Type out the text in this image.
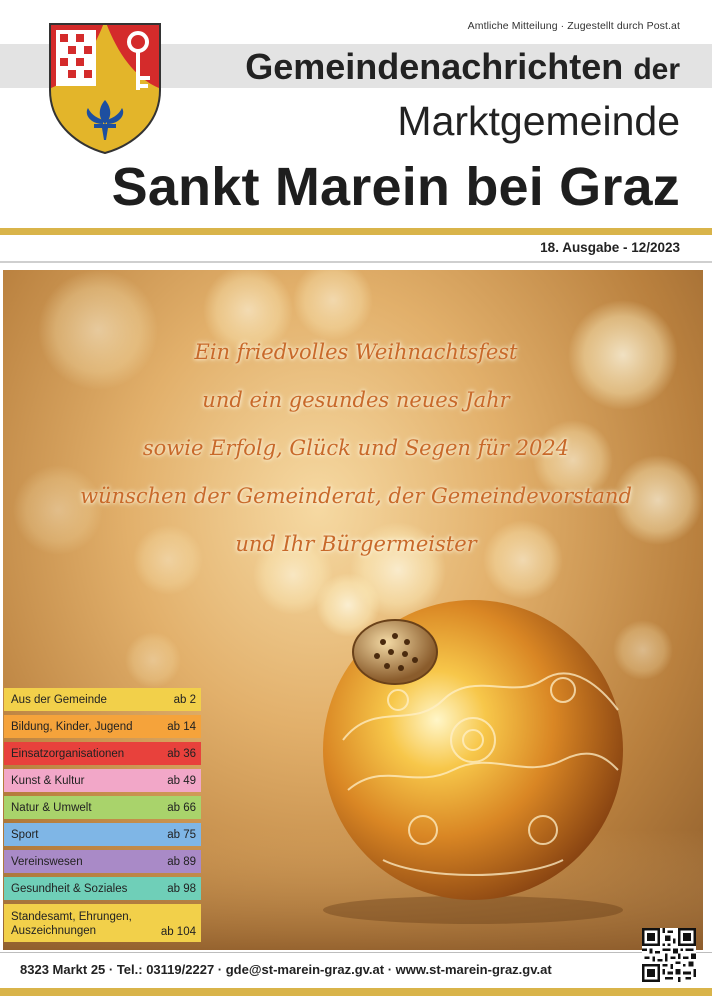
Amtliche Mitteilung · Zugestellt durch Post.at
Gemeindenachrichten der
Marktgemeinde
Sankt Marein bei Graz
18. Ausgabe - 12/2023
Ein friedvolles Weihnachtsfest
und ein gesundes neues Jahr
sowie Erfolg, Glück und Segen für 2024
wünschen der Gemeinderat, der Gemeindevorstand
und Ihr Bürgermeister
Aus der Gemeinde	ab 2
Bildung, Kinder, Jugend	ab 14
Einsatzorganisationen	ab 36
Kunst & Kultur	ab 49
Natur & Umwelt	ab 66
Sport	ab 75
Vereinswesen	ab 89
Gesundheit & Soziales	ab 98
Standesamt, Ehrungen, Auszeichnungen	ab 104
8323 Markt 25 · Tel.: 03119/2227 · gde@st-marein-graz.gv.at · www.st-marein-graz.gv.at
